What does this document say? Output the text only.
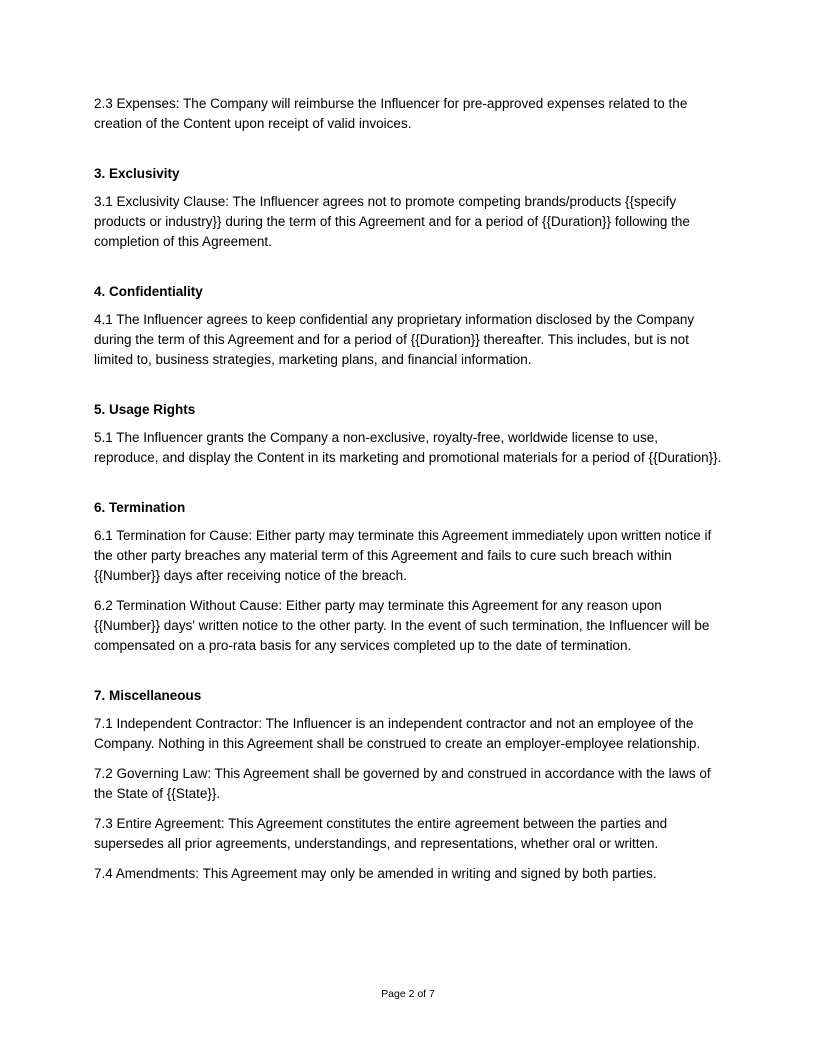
2.3 Expenses: The Company will reimburse the Influencer for pre-approved expenses related to the creation of the Content upon receipt of valid invoices.

3. Exclusivity

3.1 Exclusivity Clause: The Influencer agrees not to promote competing brands/products {{specify products or industry}} during the term of this Agreement and for a period of {{Duration}} following the completion of this Agreement.

4. Confidentiality

4.1 The Influencer agrees to keep confidential any proprietary information disclosed by the Company during the term of this Agreement and for a period of {{Duration}} thereafter. This includes, but is not limited to, business strategies, marketing plans, and financial information.

5. Usage Rights

5.1 The Influencer grants the Company a non-exclusive, royalty-free, worldwide license to use, reproduce, and display the Content in its marketing and promotional materials for a period of {{Duration}}.

6. Termination

6.1 Termination for Cause: Either party may terminate this Agreement immediately upon written notice if the other party breaches any material term of this Agreement and fails to cure such breach within {{Number}} days after receiving notice of the breach.

6.2 Termination Without Cause: Either party may terminate this Agreement for any reason upon {{Number}} days' written notice to the other party. In the event of such termination, the Influencer will be compensated on a pro-rata basis for any services completed up to the date of termination.

7. Miscellaneous

7.1 Independent Contractor: The Influencer is an independent contractor and not an employee of the Company. Nothing in this Agreement shall be construed to create an employer-employee relationship.

7.2 Governing Law: This Agreement shall be governed by and construed in accordance with the laws of the State of {{State}}.

7.3 Entire Agreement: This Agreement constitutes the entire agreement between the parties and supersedes all prior agreements, understandings, and representations, whether oral or written.

7.4 Amendments: This Agreement may only be amended in writing and signed by both parties.

Page 2 of 7
